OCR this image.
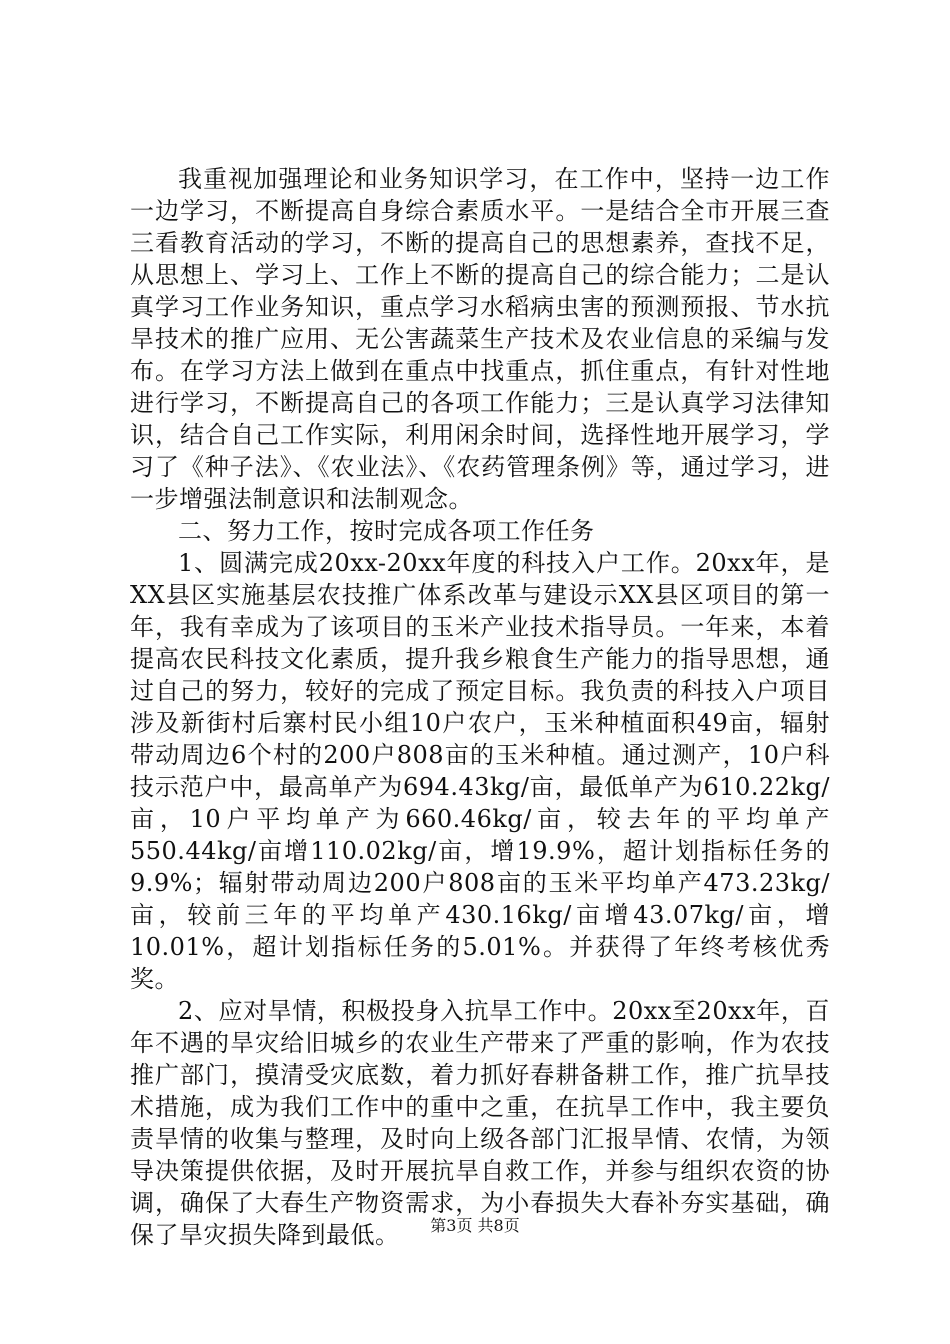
我重视加强理论和业务知识学习，在工作中，坚持一边工作一边学习，不断提高自身综合素质水平。一是结合全市开展三查三看教育活动的学习，不断的提高自己的思想素养，查找不足，从思想上、学习上、工作上不断的提高自己的综合能力；二是认真学习工作业务知识，重点学习水稻病虫害的预测预报、节水抗旱技术的推广应用、无公害蔬菜生产技术及农业信息的采编与发布。在学习方法上做到在重点中找重点，抓住重点，有针对性地进行学习，不断提高自己的各项工作能力；三是认真学习法律知识，结合自己工作实际，利用闲余时间，选择性地开展学习，学习了《种子法》、《农业法》、《农药管理条例》等，通过学习，进一步增强法制意识和法制观念。

二、努力工作，按时完成各项工作任务

1、圆满完成20xx-20xx年度的科技入户工作。20xx年，是XX县区实施基层农技推广体系改革与建设示XX县区项目的第一年，我有幸成为了该项目的玉米产业技术指导员。一年来，本着提高农民科技文化素质，提升我乡粮食生产能力的指导思想，通过自己的努力，较好的完成了预定目标。我负责的科技入户项目涉及新街村后寨村民小组10户农户，玉米种植面积49亩，辐射带动周边6个村的200户808亩的玉米种植。通过测产，10户科技示范户中，最高单产为694.43kg/亩，最低单产为610.22kg/亩，10户平均单产为660.46kg/亩，较去年的平均单产550.44kg/亩增110.02kg/亩，增19.9%，超计划指标任务的9.9%；辐射带动周边200户808亩的玉米平均单产473.23kg/亩，较前三年的平均单产430.16kg/亩增43.07kg/亩，增10.01%，超计划指标任务的5.01%。并获得了年终考核优秀奖。

2、应对旱情，积极投身入抗旱工作中。20xx至20xx年，百年不遇的旱灾给旧城乡的农业生产带来了严重的影响，作为农技推广部门，摸清受灾底数，着力抓好春耕备耕工作，推广抗旱技术措施，成为我们工作中的重中之重，在抗旱工作中，我主要负责旱情的收集与整理，及时向上级各部门汇报旱情、农情，为领导决策提供依据，及时开展抗旱自救工作，并参与组织农资的协调，确保了大春生产物资需求，为小春损失大春补夯实基础，确保了旱灾损失降到最低。	第3页 共8页
